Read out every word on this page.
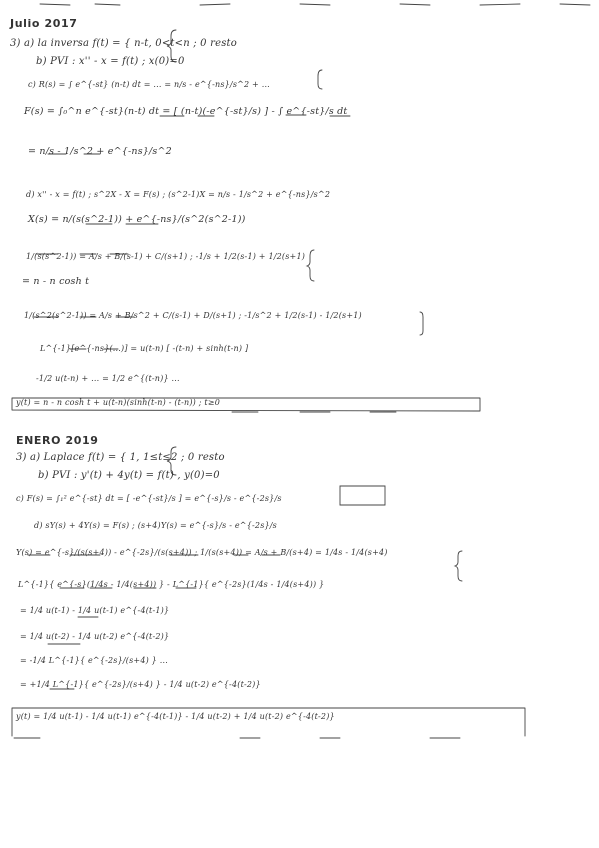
Julio 2017
3) a) la inversa f(t) = { n-t, 0<t<n ; 0 resto
b) PVI : x'' - x = f(t) ; x(0)=0
c) R(s) = ∫ e^{-st} (n-t) dt = ... = n/s - e^{-ns}/s^2 + ...
F(s) = ∫₀^n e^{-st}(n-t) dt = [ (n-t)(-e^{-st}/s) ] - ∫ e^{-st}/s dt
= n/s - 1/s^2 + e^{-ns}/s^2
d) x'' - x = f(t) ; s^2X - X = F(s) ; (s^2-1)X = n/s - 1/s^2 + e^{-ns}/s^2
X(s) = n/(s(s^2-1)) + e^{-ns}/(s^2(s^2-1))
1/(s(s^2-1)) = A/s + B/(s-1) + C/(s+1) ; -1/s + 1/2(s-1) + 1/2(s+1)
= n - n cosh t
1/(s^2(s^2-1)) = A/s + B/s^2 + C/(s-1) + D/(s+1) ; -1/s^2 + 1/2(s-1) - 1/2(s+1)
L^{-1}[e^{-ns}(...)] = u(t-n) [ -(t-n) + sinh(t-n) ]
-1/2 u(t-n) + ... = 1/2 e^{(t-n)} ...
y(t) = n - n cosh t + u(t-n)(sinh(t-n) - (t-n)) ; t≥0
ENERO 2019
3) a) Laplace f(t) = { 1, 1≤t≤2 ; 0 resto
b) PVI : y'(t) + 4y(t) = f(t) , y(0)=0
c) F(s) = ∫₁² e^{-st} dt = [ -e^{-st}/s ] = e^{-s}/s - e^{-2s}/s
d) sY(s) + 4Y(s) = F(s) ; (s+4)Y(s) = e^{-s}/s - e^{-2s}/s
Y(s) = e^{-s}/(s(s+4)) - e^{-2s}/(s(s+4)) ; 1/(s(s+4)) = A/s + B/(s+4) = 1/4s - 1/4(s+4)
L^{-1}{ e^{-s}(1/4s - 1/4(s+4)) } - L^{-1}{ e^{-2s}(1/4s - 1/4(s+4)) }
= 1/4 u(t-1) - 1/4 u(t-1) e^{-4(t-1)}
= 1/4 u(t-2) - 1/4 u(t-2) e^{-4(t-2)}
= -1/4 L^{-1}{ e^{-2s}/(s+4) } ...
= +1/4 L^{-1}{ e^{-2s}/(s+4) } - 1/4 u(t-2) e^{-4(t-2)}
y(t) = 1/4 u(t-1) - 1/4 u(t-1) e^{-4(t-1)} - 1/4 u(t-2) + 1/4 u(t-2) e^{-4(t-2)}
